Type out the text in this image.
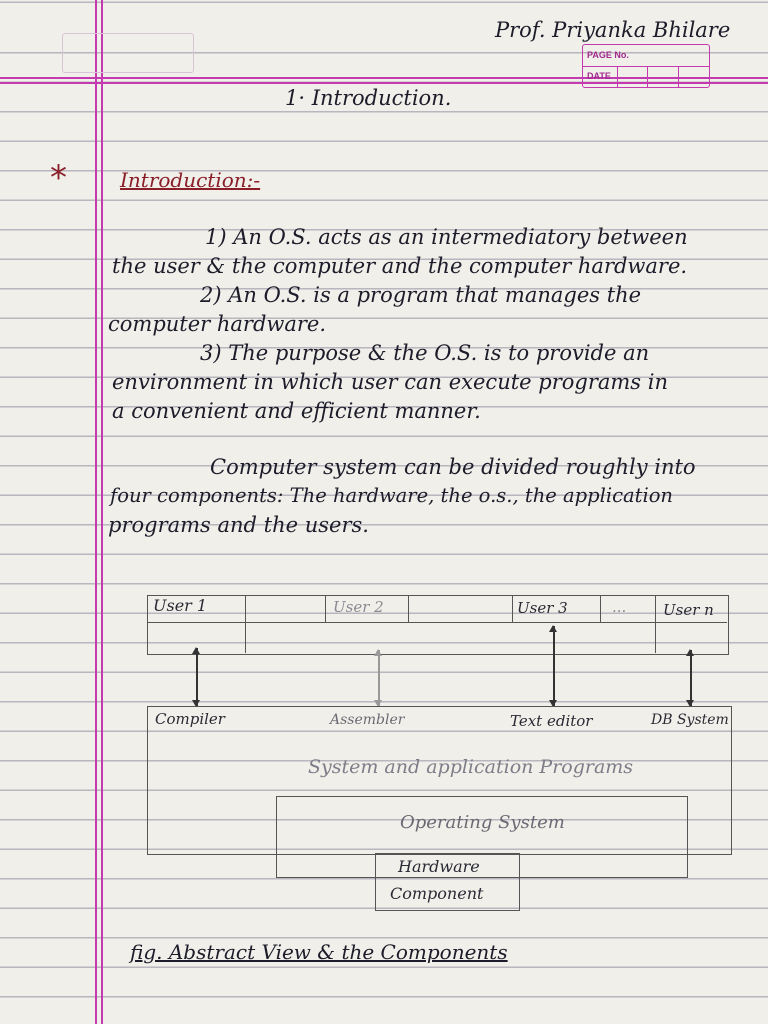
Prof. Priyanka Bhilare
PAGE No.
DATE
1· Introduction.
*	Introduction:-
1) An O.S. acts as an intermediatory between
the user & the computer and the computer hardware.
2) An O.S. is a program that manages the
computer hardware.
3) The purpose & the O.S. is to provide an
environment in which user can execute programs in
a convenient and efficient manner.
Computer system can be divided roughly into
four components: The hardware, the o.s., the application
programs and the users.
User 1	User 2	User 3	... User n
Compiler	Assembler	Text editor	DB System
System and application Programs
Operating System
Hardware
Component
fig. Abstract View & the Components
